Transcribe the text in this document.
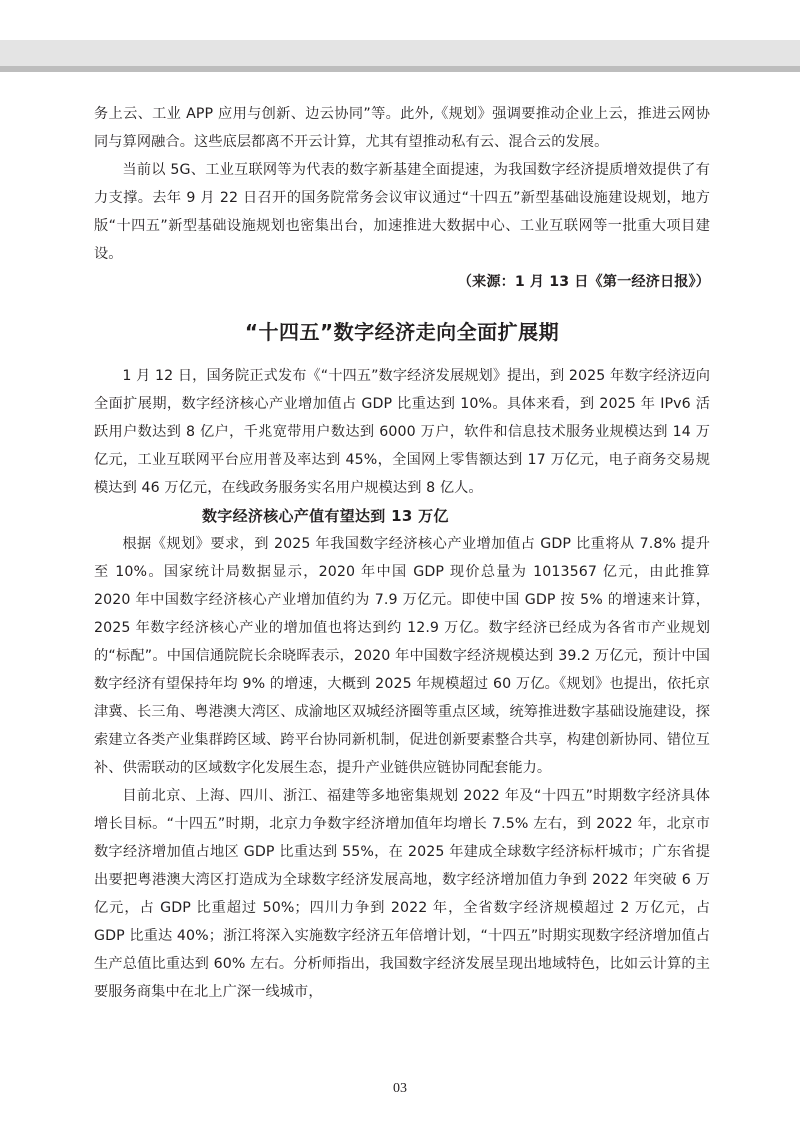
CHINESE CHAMBER OF COMMERCE INFORMATION

务上云、工业 APP 应用与创新、边云协同”等。此外,《规划》强调要推动企业上云，推进云网协同与算网融合。这些底层都离不开云计算，尤其有望推动私有云、混合云的发展。

当前以 5G、工业互联网等为代表的数字新基建全面提速，为我国数字经济提质增效提供了有力支撑。去年 9 月 22 日召开的国务院常务会议审议通过“十四五”新型基础设施建设规划，地方版“十四五”新型基础设施规划也密集出台，加速推进大数据中心、工业互联网等一批重大项目建设。
（来源：1 月 13 日《第一经济日报》）

“十四五”数字经济走向全面扩展期

1 月 12 日，国务院正式发布《“十四五”数字经济发展规划》提出，到 2025 年数字经济迈向全面扩展期，数字经济核心产业增加值占 GDP 比重达到 10%。具体来看，到 2025 年 IPv6 活跃用户数达到 8 亿户，千兆宽带用户数达到 6000 万户，软件和信息技术服务业规模达到 14 万亿元，工业互联网平台应用普及率达到 45%，全国网上零售额达到 17 万亿元，电子商务交易规模达到 46 万亿元，在线政务服务实名用户规模达到 8 亿人。

数字经济核心产值有望达到 13 万亿

根据《规划》要求，到 2025 年我国数字经济核心产业增加值占 GDP 比重将从 7.8% 提升至 10%。国家统计局数据显示，2020 年中国 GDP 现价总量为 1013567 亿元，由此推算 2020 年中国数字经济核心产业增加值约为 7.9 万亿元。即使中国 GDP 按 5% 的增速来计算，2025 年数字经济核心产业的增加值也将达到约 12.9 万亿。数字经济已经成为各省市产业规划的“标配”。中国信通院院长余晓晖表示，2020 年中国数字经济规模达到 39.2 万亿元，预计中国数字经济有望保持年均 9% 的增速，大概到 2025 年规模超过 60 万亿。《规划》也提出，依托京津冀、长三角、粤港澳大湾区、成渝地区双城经济圈等重点区域，统筹推进数字基础设施建设，探索建立各类产业集群跨区域、跨平台协同新机制，促进创新要素整合共享，构建创新协同、错位互补、供需联动的区域数字化发展生态，提升产业链供应链协同配套能力。

目前北京、上海、四川、浙江、福建等多地密集规划 2022 年及“十四五”时期数字经济具体增长目标。“十四五”时期，北京力争数字经济增加值年均增长 7.5% 左右，到 2022 年，北京市数字经济增加值占地区 GDP 比重达到 55%，在 2025 年建成全球数字经济标杆城市；广东省提出要把粤港澳大湾区打造成为全球数字经济发展高地，数字经济增加值力争到 2022 年突破 6 万亿元，占 GDP 比重超过 50%；四川力争到 2022 年，全省数字经济规模超过 2 万亿元，占 GDP 比重达 40%；浙江将深入实施数字经济五年倍增计划，“十四五”时期实现数字经济增加值占生产总值比重达到 60% 左右。分析师指出，我国数字经济发展呈现出地域特色，比如云计算的主要服务商集中在北上广深一线城市，

03
